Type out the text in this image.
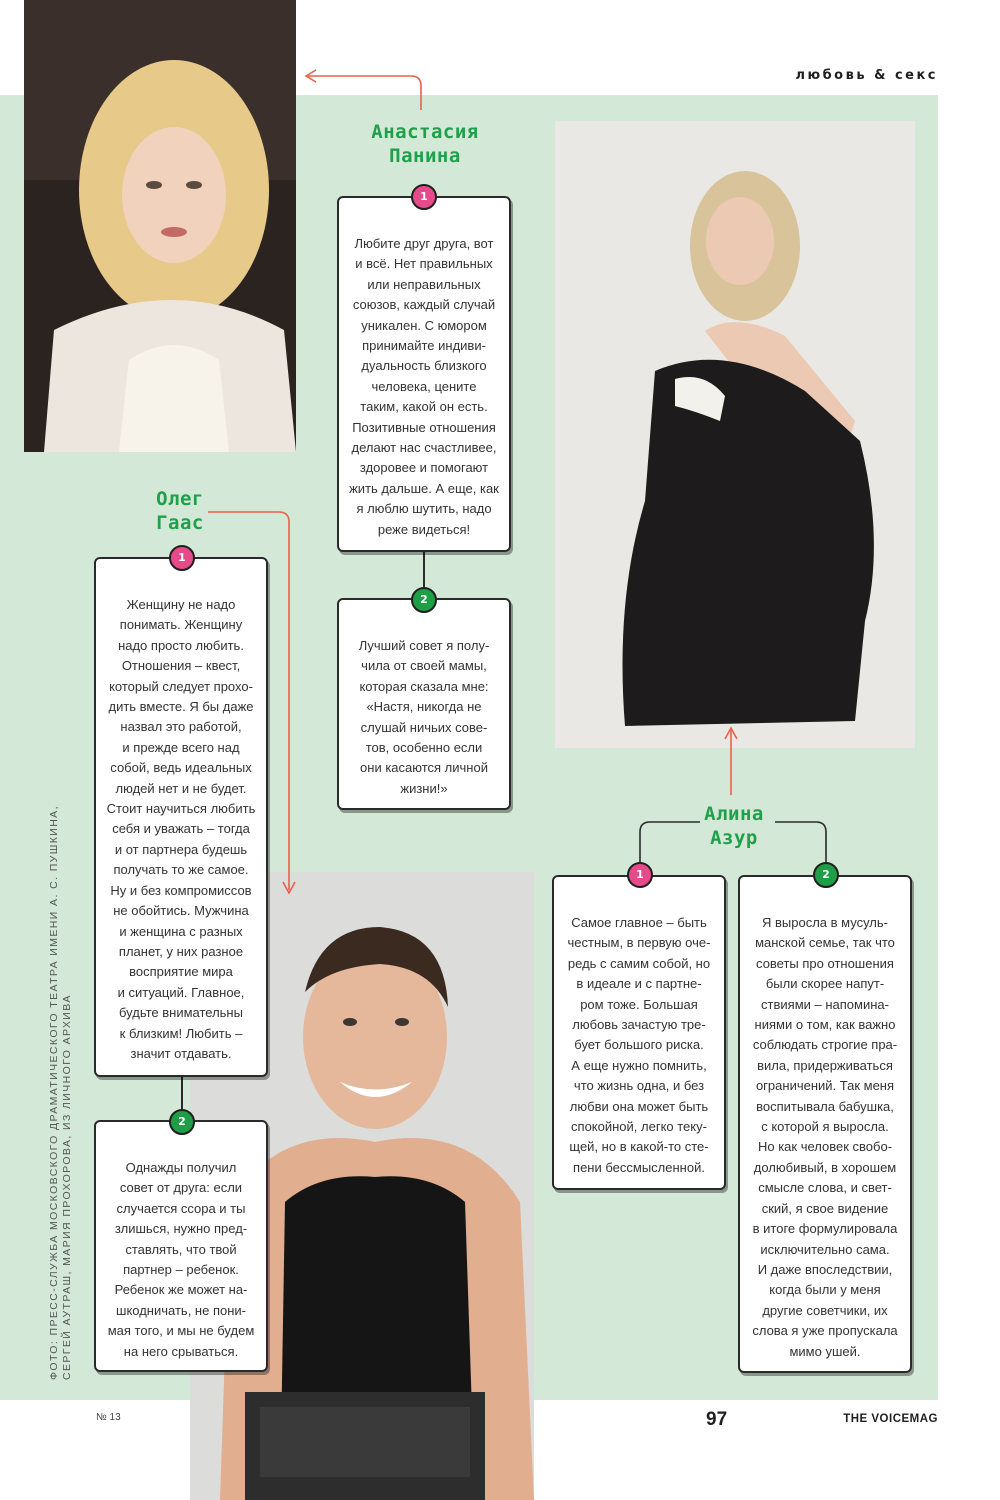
любовь & секс
Анастасия
Панина
Олег
Гаас
Алина
Азур

Любите друг друга, вот
и всё. Нет правильных
или неправильных
союзов, каждый случай
уникален. С юмором
принимайте индиви-
дуальность близкого
человека, цените
таким, какой он есть.
Позитивные отношения
делают нас счастливее,
здоровее и помогают
жить дальше. А еще, как
я люблю шутить, надо
реже видеться!

1

Лучший совет я полу-
чила от своей мамы,
которая сказала мне:
«Настя, никогда не
слушай ничьих сове-
тов, особенно если
они касаются личной
жизни!»

2

Женщину не надо
понимать. Женщину
надо просто любить.
Отношения – квест,
который следует прохо-
дить вместе. Я бы даже
назвал это работой,
и прежде всего над
собой, ведь идеальных
людей нет и не будет.
Стоит научиться любить
себя и уважать – тогда
и от партнера будешь
получать то же самое.
Ну и без компромиссов
не обойтись. Мужчина
и женщина с разных
планет, у них разное
восприятие мира
и ситуаций. Главное,
будьте внимательны
к близким! Любить –
значит отдавать.

1

Однажды получил
совет от друга: если
случается ссора и ты
злишься, нужно пред-
ставлять, что твой
партнер – ребенок.
Ребенок же может на-
шкодничать, не пони-
мая того, и мы не будем
на него срываться.

2

Самое главное – быть
честным, в первую оче-
редь с самим собой, но
в идеале и с партне-
ром тоже. Большая
любовь зачастую тре-
бует большого риска.
А еще нужно помнить,
что жизнь одна, и без
любви она может быть
спокойной, легко теку-
щей, но в какой-то сте-
пени бессмысленной.

1

Я выросла в мусуль-
манской семье, так что
советы про отношения
были скорее напут-
ствиями – напомина-
ниями о том, как важно
соблюдать строгие пра-
вила, придерживаться
ограничений. Так меня
воспитывала бабушка,
с которой я выросла.
Но как человек свобо-
долюбивый, в хорошем
смысле слова, и свет-
ский, я свое видение
в итоге формулировала
исключительно сама.
И даже впоследствии,
когда были у меня
другие советчики, их
слова я уже пропускала
мимо ушей.

2
ФОТО: ПРЕСС-СЛУЖБА МОСКОВСКОГО ДРАМАТИЧЕСКОГО ТЕАТРА ИМЕНИ А. С. ПУШКИНА, СЕРГЕЙ АУТРАШ, МАРИЯ ПРОХОРОВА, ИЗ ЛИЧНОГО АРХИВА
№ 13	97	THE VOICEMAG
